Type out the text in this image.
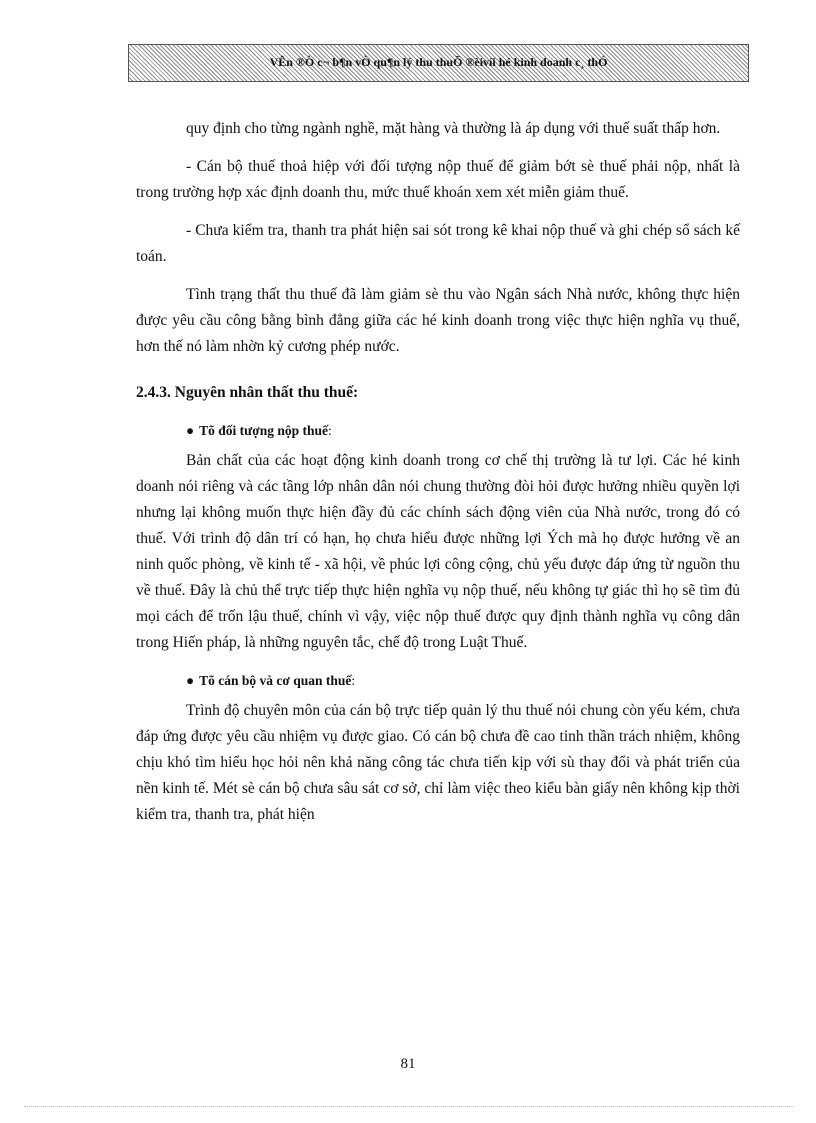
VÊn ®Ò c¬ b¶n vÒ qu¶n lý thu thuÕ ®èivíi hé kinh doanh c¸ thÓ

quy định cho từng ngành nghề, mặt hàng và thường là áp dụng với thuế suất thấp hơn.

- Cán bộ thuế thoả hiệp với đối tượng nộp thuế để giảm bớt sè thuế phải nộp, nhất là trong trường hợp xác định doanh thu, mức thuế khoán xem xét miễn giảm thuế.

- Chưa kiểm tra, thanh tra phát hiện sai sót trong kê khai nộp thuế và ghi chép sổ sách kế toán.

Tình trạng thất thu thuế đã làm giảm sè thu vào Ngân sách Nhà nước, không thực hiện được yêu cầu công bằng bình đẳng giữa các hé kinh doanh trong việc thực hiện nghĩa vụ thuế, hơn thế nó làm nhờn kỷ cương phép nước.

2.4.3. Nguyên nhân thất thu thuế:

● Tõ đối tượng nộp thuế:

Bản chất của các hoạt động kinh doanh trong cơ chế thị trường là tư lợi. Các hé kinh doanh nói riêng và các tầng lớp nhân dân nói chung thường đòi hỏi được hưởng nhiều quyền lợi nhưng lại không muốn thực hiện đầy đủ các chính sách động viên của Nhà nước, trong đó có thuế. Với trình độ dân trí có hạn, họ chưa hiểu được những lợi Ých mà họ được hưởng về an ninh quốc phòng, về kinh tế - xã hội, về phúc lợi công cộng, chủ yếu được đáp ứng từ nguồn thu về thuế. Đây là chủ thể trực tiếp thực hiện nghĩa vụ nộp thuế, nếu không tự giác thì họ sẽ tìm đủ mọi cách để trốn lậu thuế, chính vì vậy, việc nộp thuế được quy định thành nghĩa vụ công dân trong Hiến pháp, là những nguyên tắc, chế độ trong Luật Thuế.

● Tõ cán bộ và cơ quan thuế:

Trình độ chuyên môn của cán bộ trực tiếp quản lý thu thuế nói chung còn yếu kém, chưa đáp ứng được yêu cầu nhiệm vụ được giao. Có cán bộ chưa đề cao tinh thần trách nhiệm, không chịu khó tìm hiểu học hỏi nên khả năng công tác chưa tiến kịp với sù thay đổi và phát triển của nền kinh tế. Mét sè cán bộ chưa sâu sát cơ sở, chỉ làm việc theo kiểu bàn giấy nên không kịp thời kiểm tra, thanh tra, phát hiện

81
